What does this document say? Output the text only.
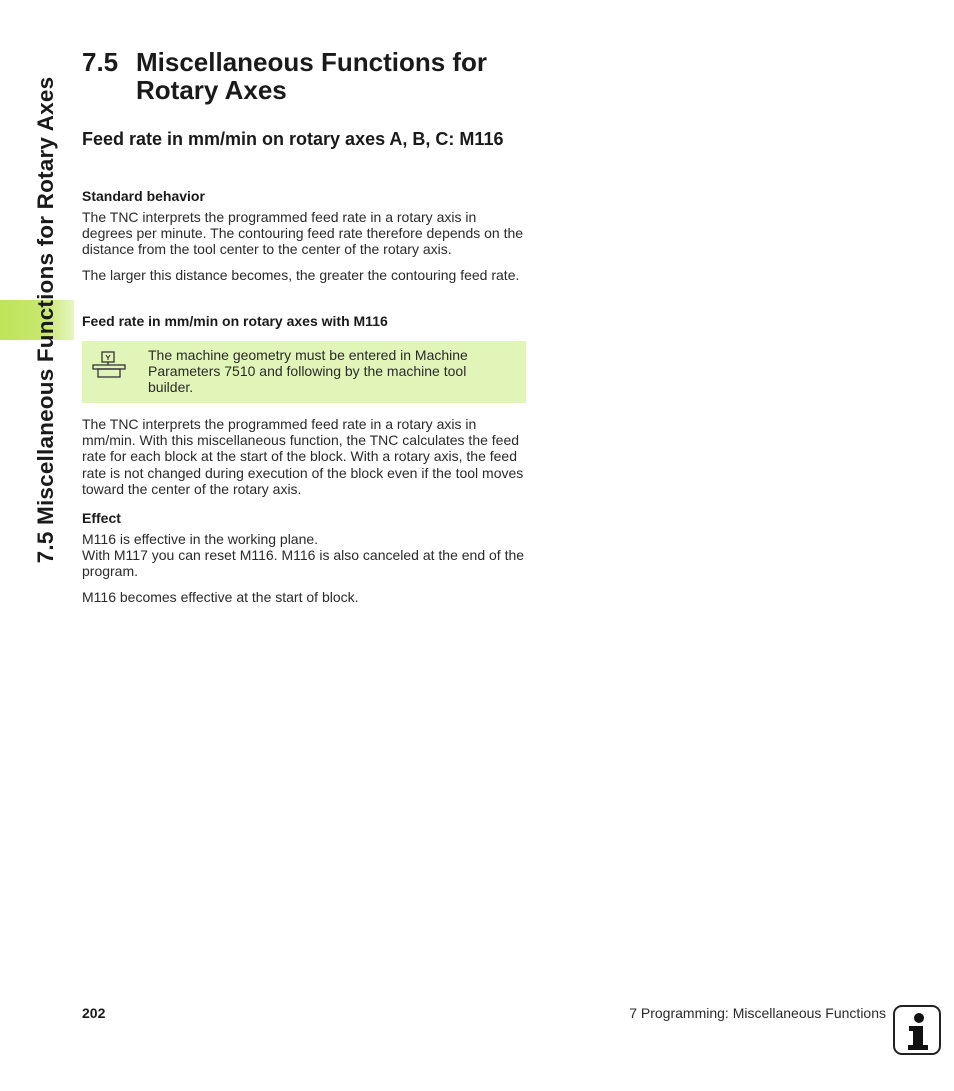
7.5 Miscellaneous Functions for Rotary Axes
7.5 Miscellaneous Functions for Rotary Axes
Feed rate in mm/min on rotary axes A, B, C: M116
Standard behavior
The TNC interprets the programmed feed rate in a rotary axis in degrees per minute. The contouring feed rate therefore depends on the distance from the tool center to the center of the rotary axis.
The larger this distance becomes, the greater the contouring feed rate.
Feed rate in mm/min on rotary axes with M116
The machine geometry must be entered in Machine Parameters 7510 and following by the machine tool builder.
The TNC interprets the programmed feed rate in a rotary axis in mm/min. With this miscellaneous function, the TNC calculates the feed rate for each block at the start of the block. With a rotary axis, the feed rate is not changed during execution of the block even if the tool moves toward the center of the rotary axis.
Effect
M116 is effective in the working plane.
With M117 you can reset M116. M116 is also canceled at the end of the program.
M116 becomes effective at the start of block.
202	7 Programming: Miscellaneous Functions
